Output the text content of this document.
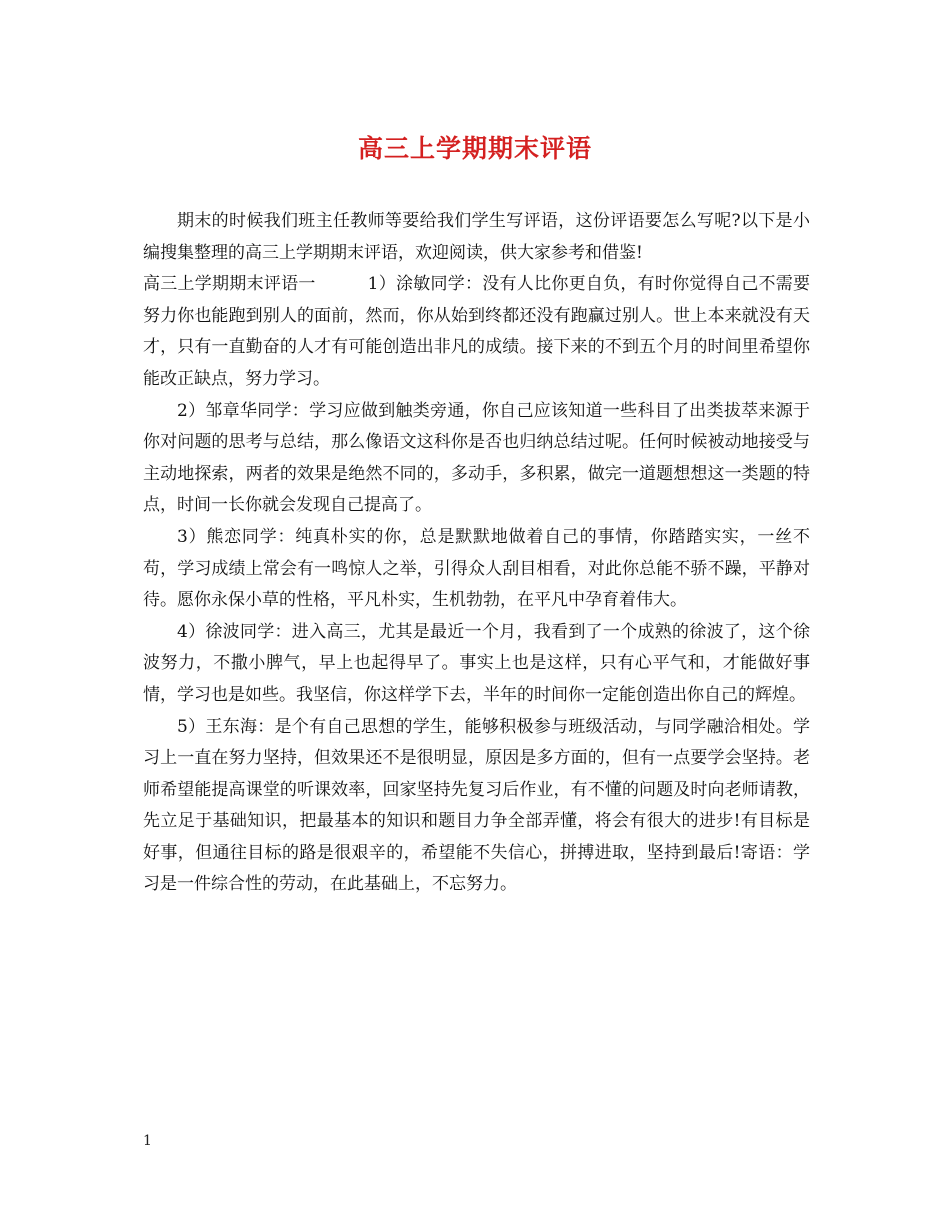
高三上学期期末评语

期末的时候我们班主任教师等要给我们学生写评语，这份评语要怎么写呢?以下是小编搜集整理的高三上学期期末评语，欢迎阅读，供大家参考和借鉴!

高三上学期期末评语一	1）涂敏同学：没有人比你更自负，有时你觉得自己不需要努力你也能跑到别人的面前，然而，你从始到终都还没有跑赢过别人。世上本来就没有天才，只有一直勤奋的人才有可能创造出非凡的成绩。接下来的不到五个月的时间里希望你能改正缺点，努力学习。

2）邹章华同学：学习应做到触类旁通，你自己应该知道一些科目了出类拔萃来源于你对问题的思考与总结，那么像语文这科你是否也归纳总结过呢。任何时候被动地接受与主动地探索，两者的效果是绝然不同的，多动手，多积累，做完一道题想想这一类题的特点，时间一长你就会发现自己提高了。

3）熊恋同学：纯真朴实的你，总是默默地做着自己的事情，你踏踏实实，一丝不苟，学习成绩上常会有一鸣惊人之举，引得众人刮目相看，对此你总能不骄不躁，平静对待。愿你永保小草的性格，平凡朴实，生机勃勃，在平凡中孕育着伟大。

4）徐波同学：进入高三，尤其是最近一个月，我看到了一个成熟的徐波了，这个徐波努力，不撒小脾气，早上也起得早了。事实上也是这样，只有心平气和，才能做好事情，学习也是如些。我坚信，你这样学下去，半年的时间你一定能创造出你自己的辉煌。

5）王东海：是个有自己思想的学生，能够积极参与班级活动，与同学融洽相处。学习上一直在努力坚持，但效果还不是很明显，原因是多方面的，但有一点要学会坚持。老师希望能提高课堂的听课效率，回家坚持先复习后作业，有不懂的问题及时向老师请教，先立足于基础知识，把最基本的知识和题目力争全部弄懂，将会有很大的进步!有目标是好事，但通往目标的路是很艰辛的，希望能不失信心，拼搏进取，坚持到最后!寄语：学习是一件综合性的劳动，在此基础上，不忘努力。

1
